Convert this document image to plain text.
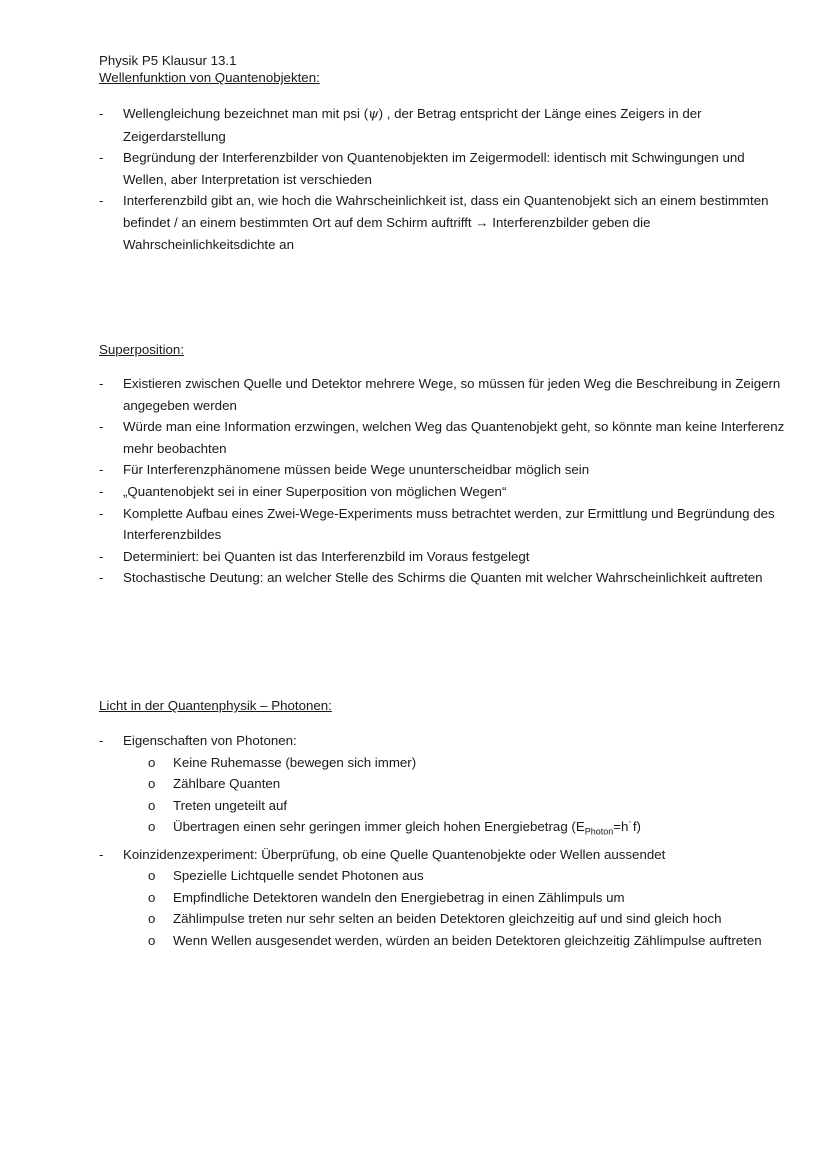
Physik P5 Klausur 13.1
Wellenfunktion von Quantenobjekten:
- Wellengleichung bezeichnet man mit psi (ψ) , der Betrag entspricht der Länge eines Zeigers in der Zeigerdarstellung
- Begründung der Interferenzbilder von Quantenobjekten im Zeigermodell: identisch mit Schwingungen und Wellen, aber Interpretation ist verschieden
- Interferenzbild gibt an, wie hoch die Wahrscheinlichkeit ist, dass ein Quantenobjekt sich an einem bestimmten befindet / an einem bestimmten Ort auf dem Schirm auftrifft → Interferenzbilder geben die Wahrscheinlichkeitsdichte an
Superposition:
- Existieren zwischen Quelle und Detektor mehrere Wege, so müssen für jeden Weg die Beschreibung in Zeigern angegeben werden
- Würde man eine Information erzwingen, welchen Weg das Quantenobjekt geht, so könnte man keine Interferenz mehr beobachten
- Für Interferenzphänomene müssen beide Wege ununterscheidbar möglich sein
- „Quantenobjekt sei in einer Superposition von möglichen Wegen“
- Komplette Aufbau eines Zwei-Wege-Experiments muss betrachtet werden, zur Ermittlung und Begründung des Interferenzbildes
- Determiniert: bei Quanten ist das Interferenzbild im Voraus festgelegt
- Stochastische Deutung: an welcher Stelle des Schirms die Quanten mit welcher Wahrscheinlichkeit auftreten
Licht in der Quantenphysik – Photonen:
- Eigenschaften von Photonen:
o Keine Ruhemasse (bewegen sich immer)
o Zählbare Quanten
o Treten ungeteilt auf
o Übertragen einen sehr geringen immer gleich hohen Energiebetrag $(E_{Photon}=h˙f)$
- Koinzidenzexperiment: Überprüfung, ob eine Quelle Quantenobjekte oder Wellen aussendet
o Spezielle Lichtquelle sendet Photonen aus
o Empfindliche Detektoren wandeln den Energiebetrag in einen Zählimpuls um
o Zählimpulse treten nur sehr selten an beiden Detektoren gleichzeitig auf und sind gleich hoch
o Wenn Wellen ausgesendet werden, würden an beiden Detektoren gleichzeitig Zählimpulse auftreten
